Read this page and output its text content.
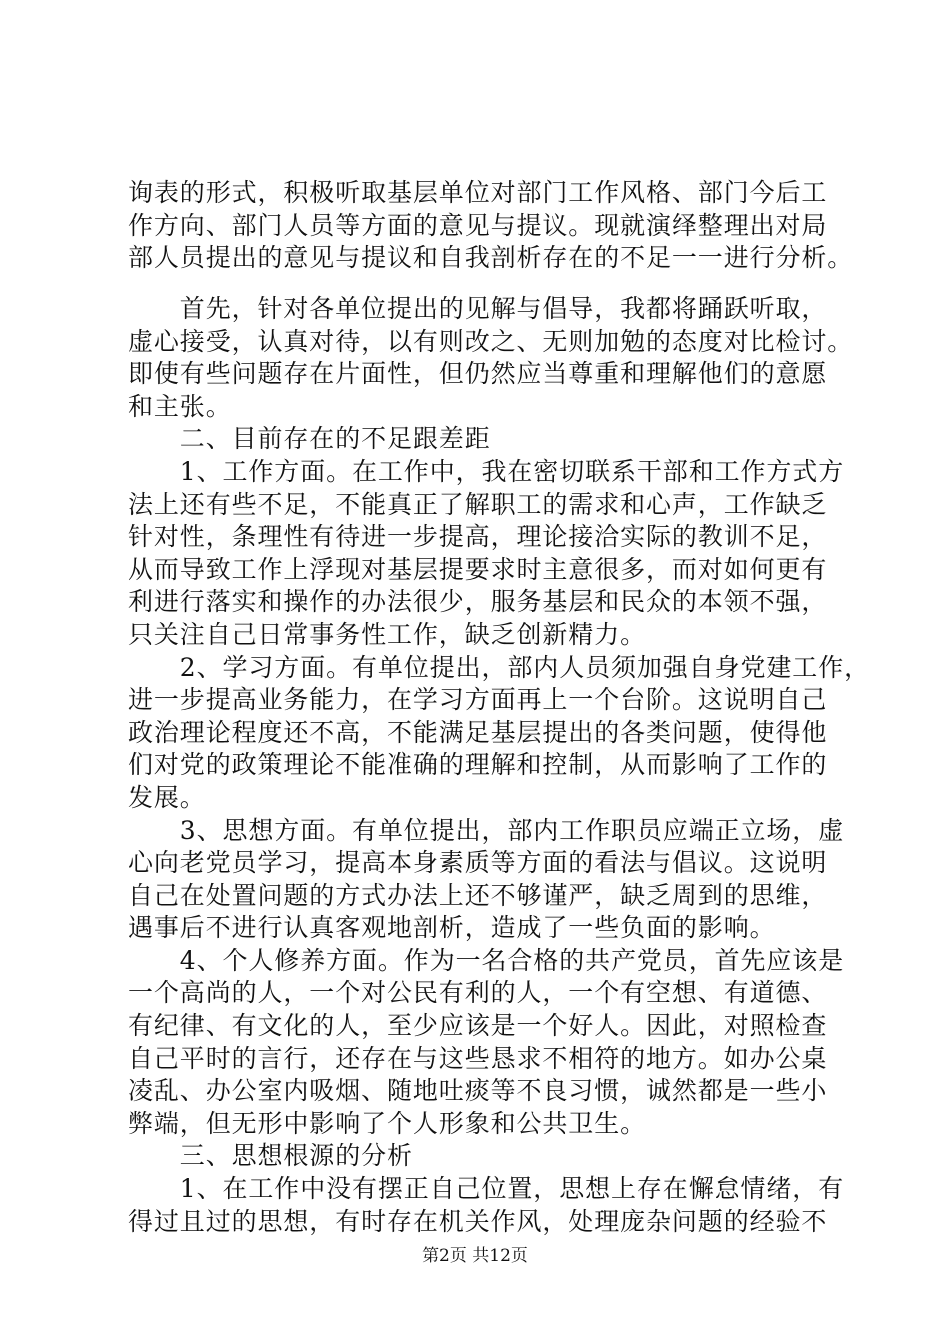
询表的形式，积极听取基层单位对部门工作风格、部门今后工
作方向、部门人员等方面的意见与提议。现就演绎整理出对局
部人员提出的意见与提议和自我剖析存在的不足一一进行分析。
　　首先，针对各单位提出的见解与倡导，我都将踊跃听取，
虚心接受，认真对待，以有则改之、无则加勉的态度对比检讨。
即使有些问题存在片面性，但仍然应当尊重和理解他们的意愿
和主张。
　　二、目前存在的不足跟差距
　　1、工作方面。在工作中，我在密切联系干部和工作方式方
法上还有些不足，不能真正了解职工的需求和心声，工作缺乏
针对性，条理性有待进一步提高，理论接洽实际的教训不足，
从而导致工作上浮现对基层提要求时主意很多，而对如何更有
利进行落实和操作的办法很少，服务基层和民众的本领不强，
只关注自己日常事务性工作，缺乏创新精力。
　　2、学习方面。有单位提出，部内人员须加强自身党建工作，
进一步提高业务能力，在学习方面再上一个台阶。这说明自己
政治理论程度还不高，不能满足基层提出的各类问题，使得他
们对党的政策理论不能准确的理解和控制，从而影响了工作的
发展。
　　3、思想方面。有单位提出，部内工作职员应端正立场，虚
心向老党员学习，提高本身素质等方面的看法与倡议。这说明
自己在处置问题的方式办法上还不够谨严，缺乏周到的思维，
遇事后不进行认真客观地剖析，造成了一些负面的影响。
　　4、个人修养方面。作为一名合格的共产党员，首先应该是
一个高尚的人，一个对公民有利的人，一个有空想、有道德、
有纪律、有文化的人，至少应该是一个好人。因此，对照检查
自己平时的言行，还存在与这些恳求不相符的地方。如办公桌
凌乱、办公室内吸烟、随地吐痰等不良习惯，诚然都是一些小
弊端，但无形中影响了个人形象和公共卫生。
　　三、思想根源的分析
　　1、在工作中没有摆正自己位置，思想上存在懈怠情绪，有
得过且过的思想，有时存在机关作风，处理庞杂问题的经验不
第2页 共12页
